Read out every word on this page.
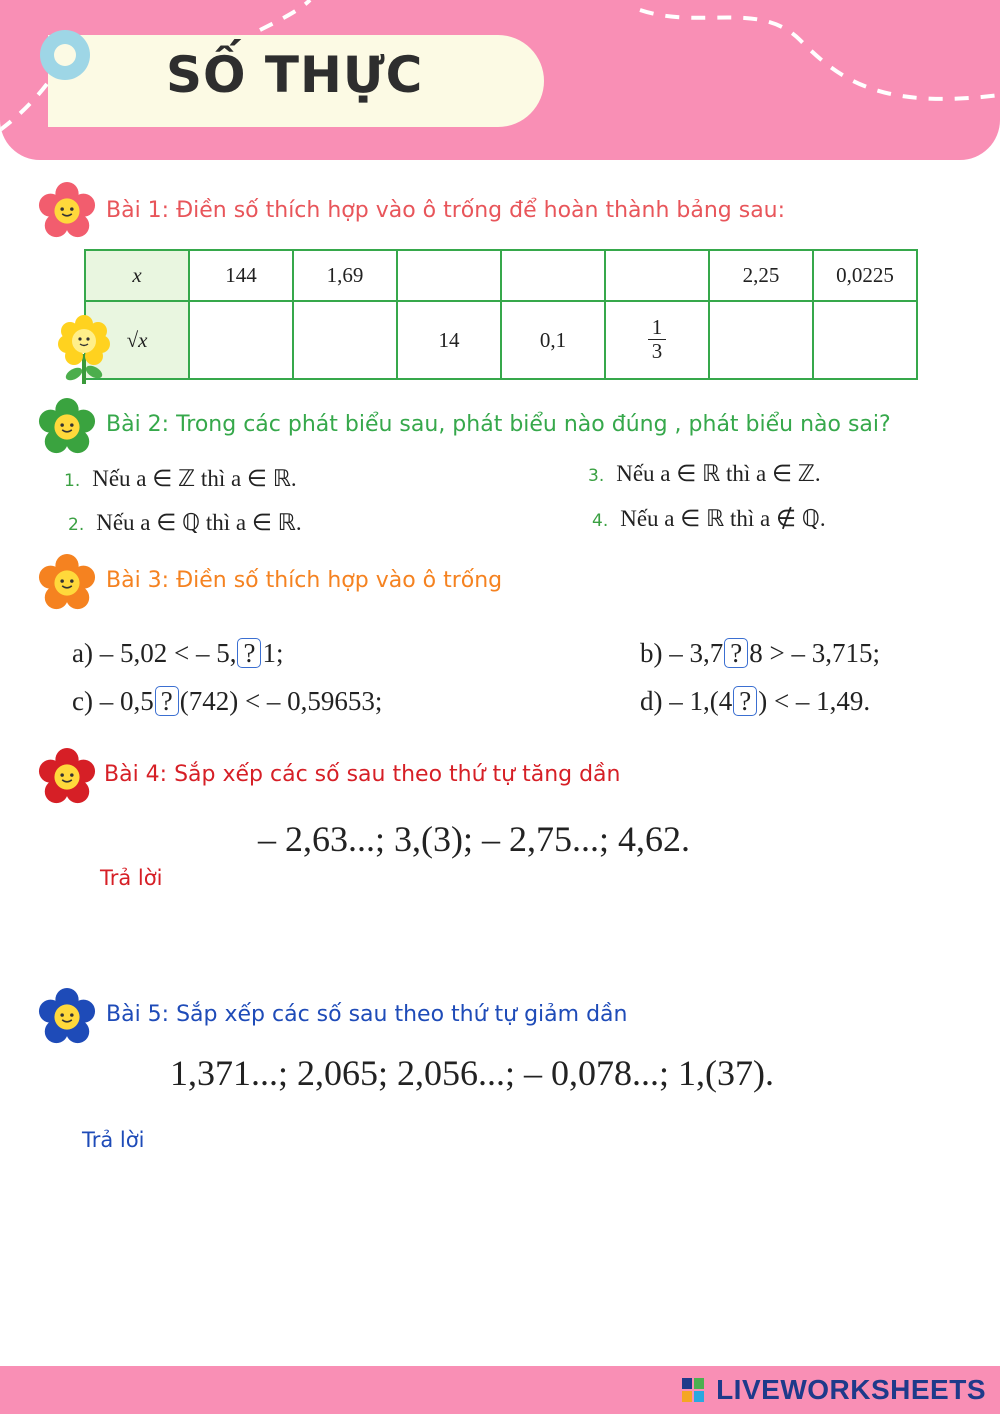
SỐ THỰC
Bài 1: Điền số thích hợp vào ô trống để hoàn thành bảng sau:
x	144	1,69				2,25	0,0225
√x			14	0,1	$\frac{1}{3}$

Bài 2: Trong các phát biểu sau, phát biểu nào đúng , phát biểu nào sai?
1. Nếu a ∈ ℤ thì a ∈ ℝ.
2. Nếu a ∈ ℚ thì a ∈ ℝ.
3. Nếu a ∈ ℝ thì a ∈ ℤ.
4. Nếu a ∈ ℝ thì a ∉ ℚ.
Bài 3: Điền số thích hợp vào ô trống
a) – 5,02 < – 5, ? 1;	b) – 3,7 ? 8 > – 3,715;
c) – 0,5 ? (742) < – 0,59653;	d) – 1,(4 ? ) < – 1,49.
Bài 4: Sắp xếp các số sau theo thứ tự tăng dần
– 2,63...; 3,(3); – 2,75...; 4,62.
Trả lời
Bài 5: Sắp xếp các số sau theo thứ tự giảm dần
1,371...; 2,065; 2,056...; – 0,078...; 1,(37).
Trả lời
LIVEWORKSHEETS
